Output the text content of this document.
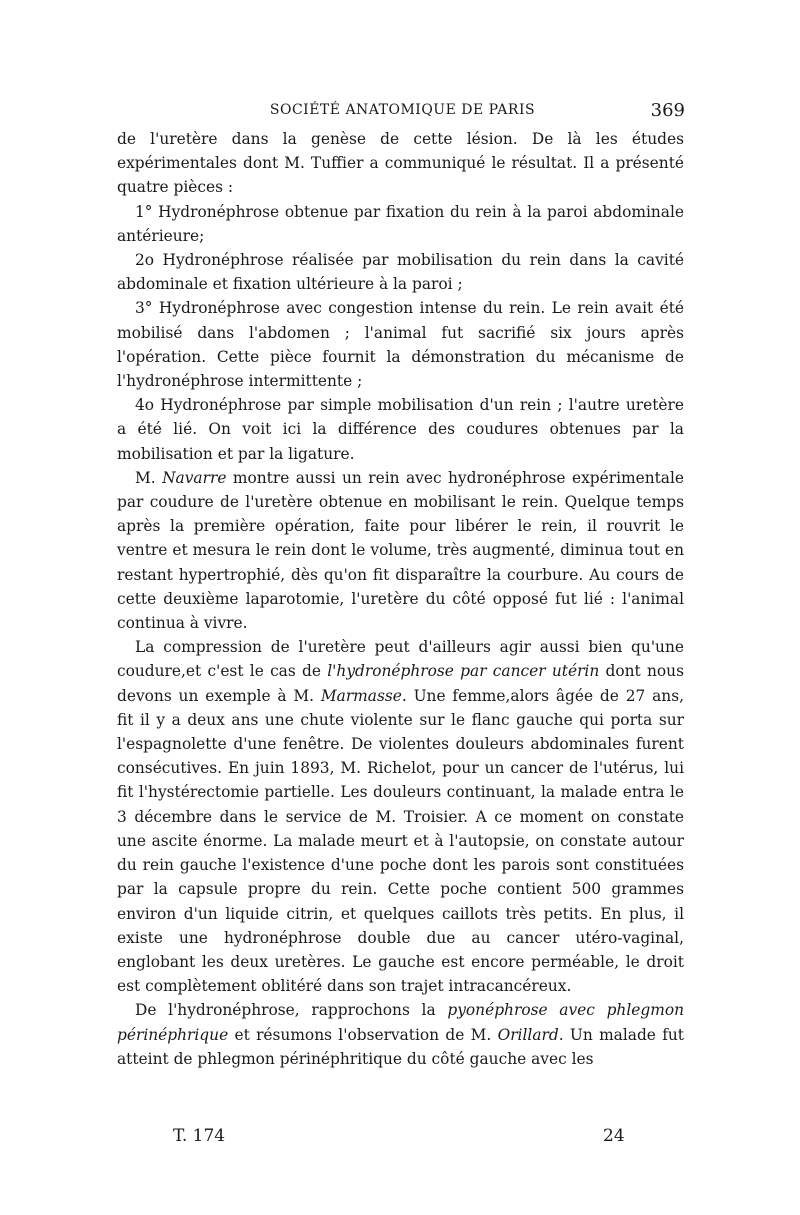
SOCIÉTÉ ANATOMIQUE DE PARIS	369

de l'uretère dans la genèse de cette lésion. De là les études expérimentales dont M. Tuffier a communiqué le résultat. Il a présenté quatre pièces :

1° Hydronéphrose obtenue par fixation du rein à la paroi abdominale antérieure;

2o Hydronéphrose réalisée par mobilisation du rein dans la cavité abdominale et fixation ultérieure à la paroi ;

3° Hydronéphrose avec congestion intense du rein. Le rein avait été mobilisé dans l'abdomen ; l'animal fut sacrifié six jours après l'opération. Cette pièce fournit la démonstration du mécanisme de l'hydronéphrose intermittente ;

4o Hydronéphrose par simple mobilisation d'un rein ; l'autre uretère a été lié. On voit ici la différence des coudures obtenues par la mobilisation et par la ligature.

M. Navarre montre aussi un rein avec hydronéphrose expérimentale par coudure de l'uretère obtenue en mobilisant le rein. Quelque temps après la première opération, faite pour libérer le rein, il rouvrit le ventre et mesura le rein dont le volume, très augmenté, diminua tout en restant hypertrophié, dès qu'on fit disparaître la courbure. Au cours de cette deuxième laparotomie, l'uretère du côté opposé fut lié : l'animal continua à vivre.

La compression de l'uretère peut d'ailleurs agir aussi bien qu'une coudure,et c'est le cas de l'hydronéphrose par cancer utérin dont nous devons un exemple à M. Marmasse. Une femme,alors âgée de 27 ans, fit il y a deux ans une chute violente sur le flanc gauche qui porta sur l'espagnolette d'une fenêtre. De violentes douleurs abdominales furent consécutives. En juin 1893, M. Richelot, pour un cancer de l'utérus, lui fit l'hystérectomie partielle. Les douleurs continuant, la malade entra le 3 décembre dans le service de M. Troisier. A ce moment on constate une ascite énorme. La malade meurt et à l'autopsie, on constate autour du rein gauche l'existence d'une poche dont les parois sont constituées par la capsule propre du rein. Cette poche contient 500 grammes environ d'un liquide citrin, et quelques caillots très petits. En plus, il existe une hydronéphrose double due au cancer utéro-vaginal, englobant les deux uretères. Le gauche est encore perméable, le droit est complètement oblitéré dans son trajet intracancéreux.

De l'hydronéphrose, rapprochons la pyonéphrose avec phlegmon périnéphrique et résumons l'observation de M. Orillard. Un malade fut atteint de phlegmon périnéphritique du côté gauche avec les

T. 174	24
